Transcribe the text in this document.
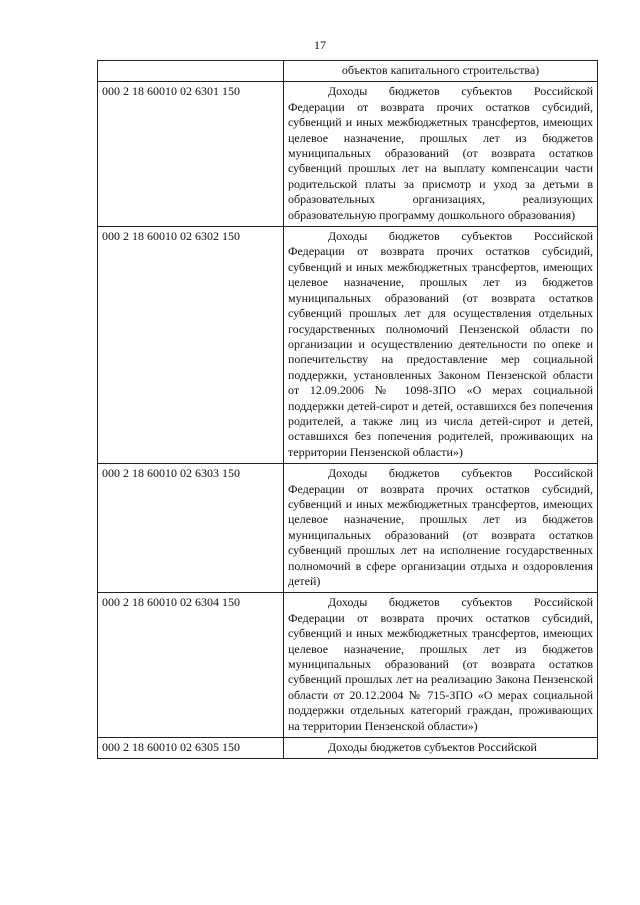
17

	объектов капитального строительства)

000 2 18 60010 02 6301 150	Доходы бюджетов субъектов Российской Федерации от возврата прочих остатков субсидий, субвенций и иных межбюджетных трансфертов, имеющих целевое назначение, прошлых лет из бюджетов муниципальных образований (от возврата остатков субвенций прошлых лет на выплату компенсации части родительской платы за присмотр и уход за детьми в образовательных организациях, реализующих образовательную программу дошкольного образования)

000 2 18 60010 02 6302 150	Доходы бюджетов субъектов Российской Федерации от возврата прочих остатков субсидий, субвенций и иных межбюджетных трансфертов, имеющих целевое назначение, прошлых лет из бюджетов муниципальных образований (от возврата остатков субвенций прошлых лет для осуществления отдельных государственных полномочий Пензенской области по организации и осуществлению деятельности по опеке и попечительству на предоставление мер социальной поддержки, установленных Законом Пензенской области от 12.09.2006 № 1098-ЗПО «О мерах социальной поддержки детей-сирот и детей, оставшихся без попечения родителей, а также лиц из числа детей-сирот и детей, оставшихся без попечения родителей, проживающих на территории Пензенской области»)

000 2 18 60010 02 6303 150	Доходы бюджетов субъектов Российской Федерации от возврата прочих остатков субсидий, субвенций и иных межбюджетных трансфертов, имеющих целевое назначение, прошлых лет из бюджетов муниципальных образований (от возврата остатков субвенций прошлых лет на исполнение государственных полномочий в сфере организации отдыха и оздоровления детей)

000 2 18 60010 02 6304 150	Доходы бюджетов субъектов Российской Федерации от возврата прочих остатков субсидий, субвенций и иных межбюджетных трансфертов, имеющих целевое назначение, прошлых лет из бюджетов муниципальных образований (от возврата остатков субвенций прошлых лет на реализацию Закона Пензенской области от 20.12.2004 № 715-ЗПО «О мерах социальной поддержки отдельных категорий граждан, проживающих на территории Пензенской области»)

000 2 18 60010 02 6305 150	Доходы бюджетов субъектов Российской
